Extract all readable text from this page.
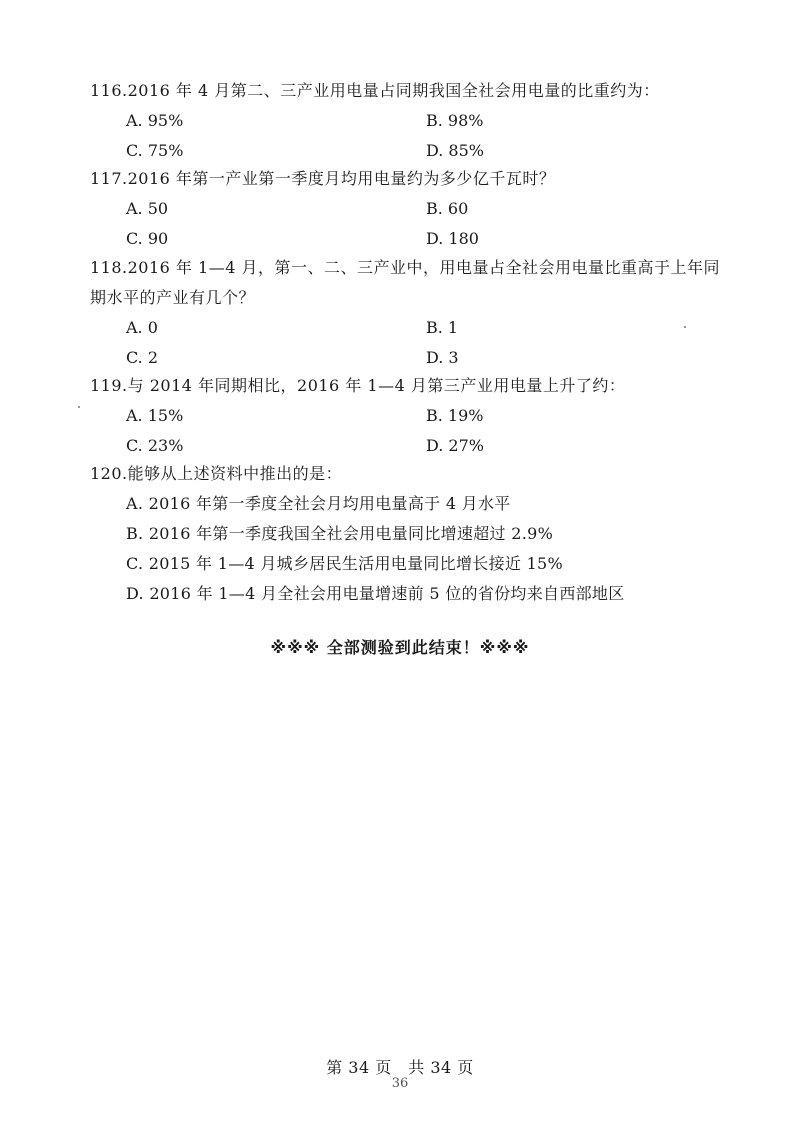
116.2016 年 4 月第二、三产业用电量占同期我国全社会用电量的比重约为：
A. 95%	B. 98%
C. 75%	D. 85%
117.2016 年第一产业第一季度月均用电量约为多少亿千瓦时？
A. 50	B. 60
C. 90	D. 180
118.2016 年 1—4 月，第一、二、三产业中，用电量占全社会用电量比重高于上年同期水平的产业有几个？
A. 0	B. 1
C. 2	D. 3
119.与 2014 年同期相比，2016 年 1—4 月第三产业用电量上升了约：
A. 15%	B. 19%
C. 23%	D. 27%
120.能够从上述资料中推出的是：
A. 2016 年第一季度全社会月均用电量高于 4 月水平
B. 2016 年第一季度我国全社会用电量同比增速超过 2.9%
C. 2015 年 1—4 月城乡居民生活用电量同比增长接近 15%
D. 2016 年 1—4 月全社会用电量增速前 5 位的省份均来自西部地区
※※※ 全部测验到此结束！※※※
第 34 页　共 34 页
36
